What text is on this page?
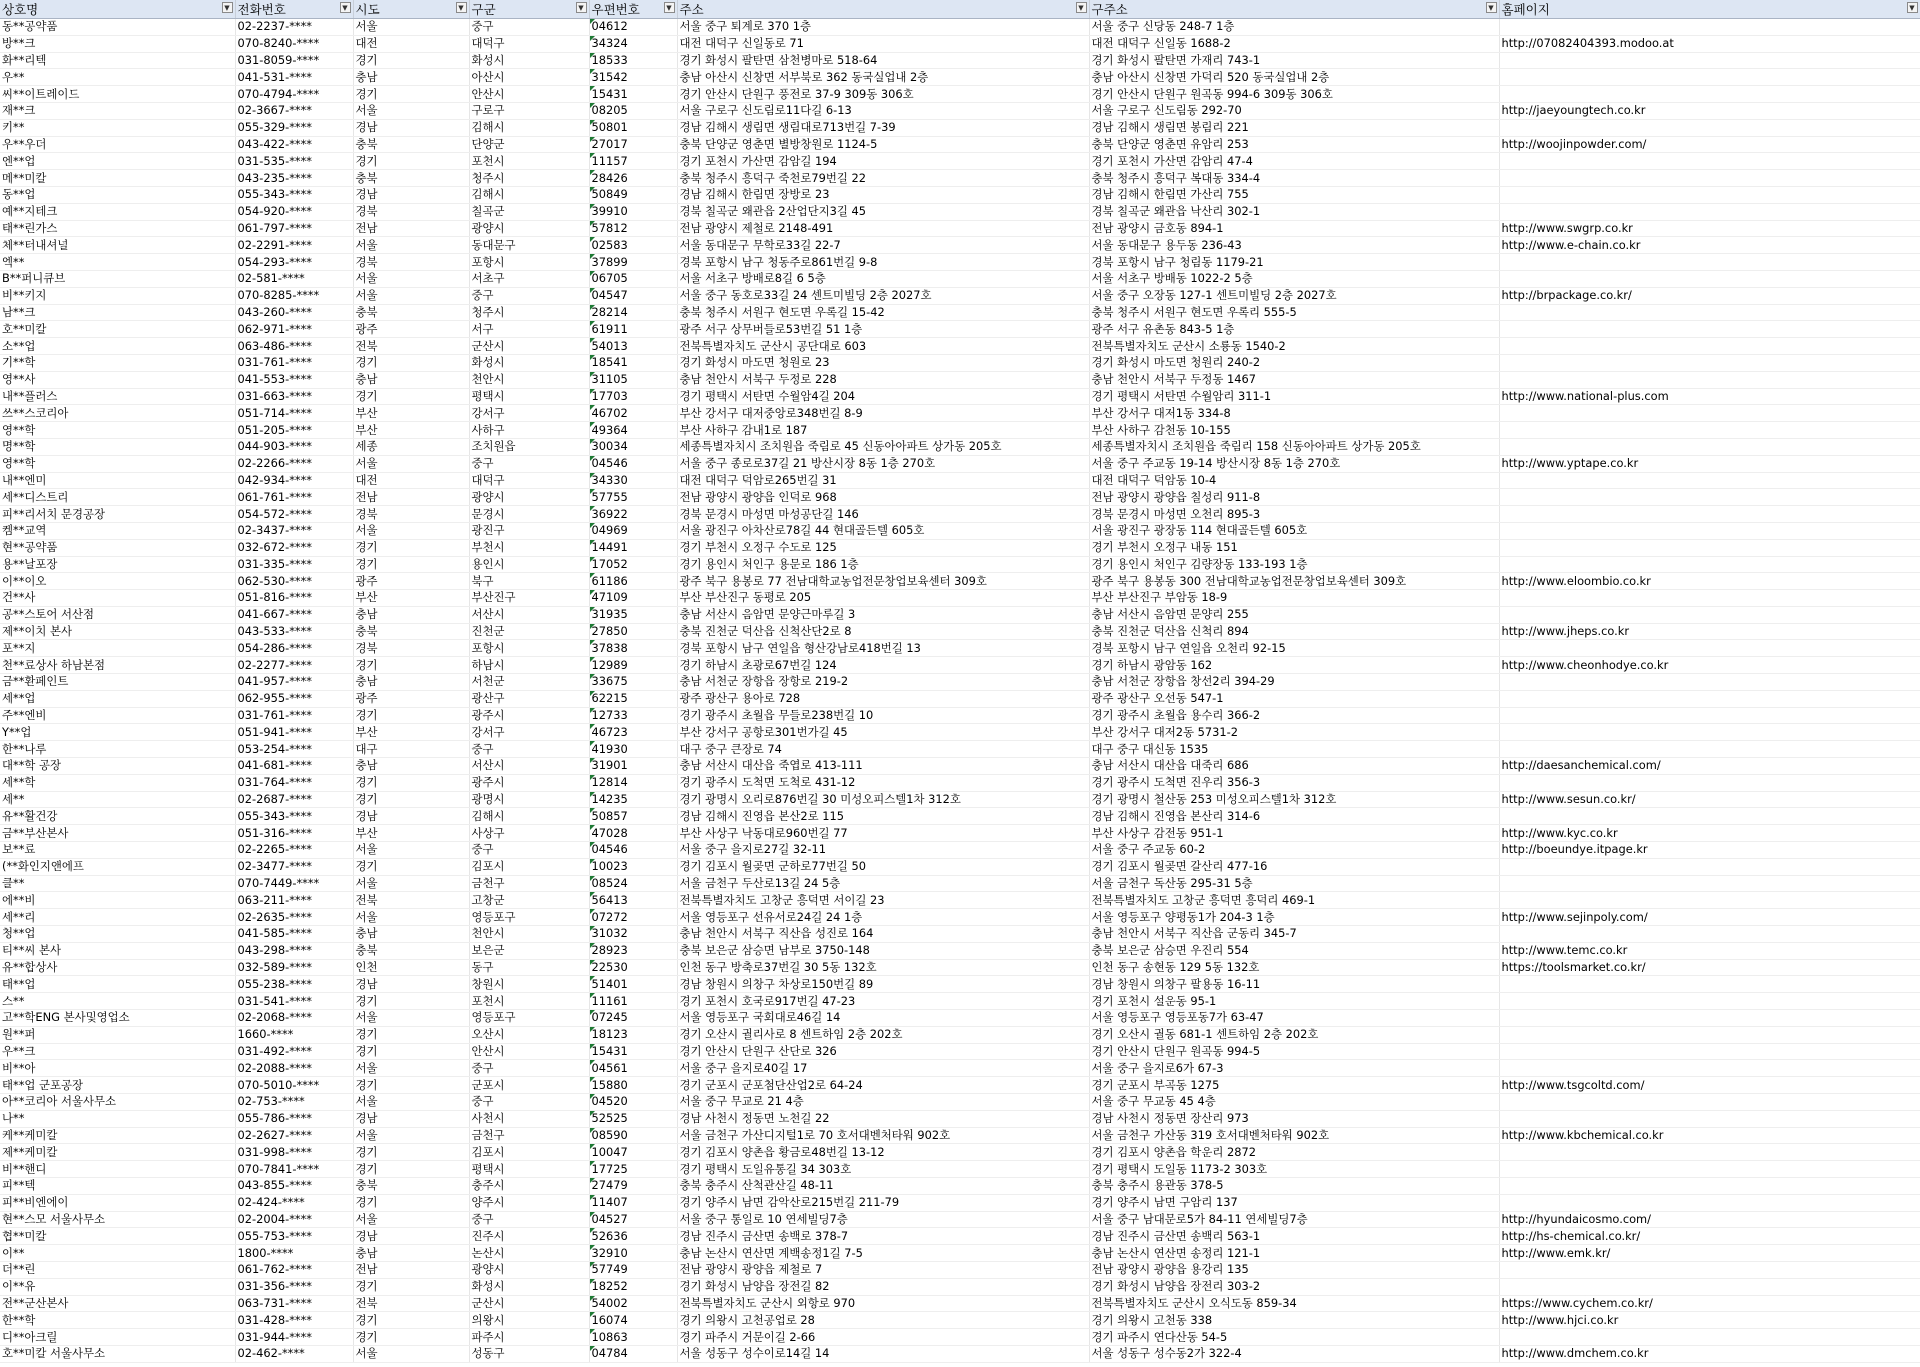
상호명 ▼	전화번호 ▼	시도 ▼	구군 ▼	우편번호 ▼	주소 ▼	구주소 ▼	홈페이지 ▼

동**공약품	02-2237-****	서울	중구	04612	서울 중구 퇴계로 370 1층	서울 중구 신당동 248-7 1층	
방**크	070-8240-****	대전	대덕구	34324	대전 대덕구 신일동로 71	대전 대덕구 신일동 1688-2	http://07082404393.modoo.at
화**리텍	031-8059-****	경기	화성시	18533	경기 화성시 팔탄면 삼천병마로 518-64	경기 화성시 팔탄면 가재리 743-1	
우**	041-531-****	충남	아산시	31542	충남 아산시 신창면 서부북로 362 동국실업내 2층	충남 아산시 신창면 가덕리 520 동국실업내 2층	
씨**이트레이드	070-4794-****	경기	안산시	15431	경기 안산시 단원구 풍전로 37-9 309동 306호	경기 안산시 단원구 원곡동 994-6 309동 306호	
재**크	02-3667-****	서울	구로구	08205	서울 구로구 신도림로11다길 6-13	서울 구로구 신도림동 292-70	http://jaeyoungtech.co.kr
키**	055-329-****	경남	김해시	50801	경남 김해시 생림면 생림대로713번길 7-39	경남 김해시 생림면 봉림리 221	
우**우더	043-422-****	충북	단양군	27017	충북 단양군 영춘면 별방창원로 1124-5	충북 단양군 영춘면 유암리 253	http://woojinpowder.com/
엔**업	031-535-****	경기	포천시	11157	경기 포천시 가산면 감암길 194	경기 포천시 가산면 감암리 47-4	
메**미칼	043-235-****	충북	청주시	28426	충북 청주시 흥덕구 죽천로79번길 22	충북 청주시 흥덕구 복대동 334-4	
동**업	055-343-****	경남	김해시	50849	경남 김해시 한림면 장방로 23	경남 김해시 한림면 가산리 755	
예**지테크	054-920-****	경북	칠곡군	39910	경북 칠곡군 왜관읍 2산업단지3길 45	경북 칠곡군 왜관읍 낙산리 302-1	
태**린가스	061-797-****	전남	광양시	57812	전남 광양시 제철로 2148-491	전남 광양시 금호동 894-1	http://www.swgrp.co.kr
체**터내셔널	02-2291-****	서울	동대문구	02583	서울 동대문구 무학로33길 22-7	서울 동대문구 용두동 236-43	http://www.e-chain.co.kr
엑**	054-293-****	경북	포항시	37899	경북 포항시 남구 청동주로861번길 9-8	경북 포항시 남구 청림동 1179-21	
B**퍼니큐브	02-581-****	서울	서초구	06705	서울 서초구 방배로8길 6 5층	서울 서초구 방배동 1022-2 5층	
비**키지	070-8285-****	서울	중구	04547	서울 중구 동호로33길 24 센트미빌딩 2층 2027호	서울 중구 오장동 127-1 센트미빌딩 2층 2027호	http://brpackage.co.kr/
남**크	043-260-****	충북	청주시	28214	충북 청주시 서원구 현도면 우록길 15-42	충북 청주시 서원구 현도면 우록리 555-5	
호**미칼	062-971-****	광주	서구	61911	광주 서구 상무버들로53번길 51 1층	광주 서구 유촌동 843-5 1층	
소**업	063-486-****	전북	군산시	54013	전북특별자치도 군산시 공단대로 603	전북특별자치도 군산시 소룡동 1540-2	
기**학	031-761-****	경기	화성시	18541	경기 화성시 마도면 청원로 23	경기 화성시 마도면 청원리 240-2	
영**사	041-553-****	충남	천안시	31105	충남 천안시 서북구 두정로 228	충남 천안시 서북구 두정동 1467	
내**플러스	031-663-****	경기	평택시	17703	경기 평택시 서탄면 수월암4길 204	경기 평택시 서탄면 수월암리 311-1	http://www.national-plus.com
쓰**스코리아	051-714-****	부산	강서구	46702	부산 강서구 대저중앙로348번길 8-9	부산 강서구 대저1동 334-8	
영**학	051-205-****	부산	사하구	49364	부산 사하구 감내1로 187	부산 사하구 감천동 10-155	
명**학	044-903-****	세종	조치원읍	30034	세종특별자치시 조치원읍 죽림로 45 신동아아파트 상가동 205호	세종특별자치시 조치원읍 죽림리 158 신동아아파트 상가동 205호	
영**학	02-2266-****	서울	중구	04546	서울 중구 종로로37길 21 방산시장 8동 1층 270호	서울 중구 주교동 19-14 방산시장 8동 1층 270호	http://www.yptape.co.kr
내**엔미	042-934-****	대전	대덕구	34330	대전 대덕구 덕암로265번길 31	대전 대덕구 덕암동 10-4	
세**디스트리	061-761-****	전남	광양시	57755	전남 광양시 광양읍 인덕로 968	전남 광양시 광양읍 칠성리 911-8	
피**리서치 문경공장	054-572-****	경북	문경시	36922	경북 문경시 마성면 마성공단길 146	경북 문경시 마성면 오천리 895-3	
켐**교역	02-3437-****	서울	광진구	04969	서울 광진구 아차산로78길 44 현대골든텔 605호	서울 광진구 광장동 114 현대골든텔 605호	
현**공약품	032-672-****	경기	부천시	14491	경기 부천시 오정구 수도로 125	경기 부천시 오정구 내동 151	
용**날포장	031-335-****	경기	용인시	17052	경기 용인시 처인구 용문로 186 1층	경기 용인시 처인구 김량장동 133-193 1층	
이**이오	062-530-****	광주	북구	61186	광주 북구 용봉로 77 전남대학교농업전문창업보육센터 309호	광주 북구 용봉동 300 전남대학교농업전문창업보육센터 309호	http://www.eloombio.co.kr
건**사	051-816-****	부산	부산진구	47109	부산 부산진구 동평로 205	부산 부산진구 부암동 18-9	
공**스토어 서산점	041-667-****	충남	서산시	31935	충남 서산시 음암면 문양근마루길 3	충남 서산시 음암면 문양리 255	
제**이치 본사	043-533-****	충북	진천군	27850	충북 진천군 덕산읍 신척산단2로 8	충북 진천군 덕산읍 신척리 894	http://www.jheps.co.kr
포**지	054-286-****	경북	포항시	37838	경북 포항시 남구 연일읍 형산강남로418번길 13	경북 포항시 남구 연일읍 오천리 92-15	
천**료상사 하남본점	02-2277-****	경기	하남시	12989	경기 하남시 초광로67번길 124	경기 하남시 광암동 162	http://www.cheonhodye.co.kr
금**환페인트	041-957-****	충남	서천군	33675	충남 서천군 장항읍 장항로 219-2	충남 서천군 장항읍 창선2리 394-29	
세**업	062-955-****	광주	광산구	62215	광주 광산구 용아로 728	광주 광산구 오선동 547-1	
주**엔비	031-761-****	경기	광주시	12733	경기 광주시 초월읍 무들로238번길 10	경기 광주시 초월읍 용수리 366-2	
Y**업	051-941-****	부산	강서구	46723	부산 강서구 공항로301번가길 45	부산 강서구 대저2동 5731-2	
한**나루	053-254-****	대구	중구	41930	대구 중구 큰장로 74	대구 중구 대신동 1535	
대**학 공장	041-681-****	충남	서산시	31901	충남 서산시 대산읍 죽엽로 413-111	충남 서산시 대산읍 대죽리 686	http://daesanchemical.com/
세**학	031-764-****	경기	광주시	12814	경기 광주시 도척면 도척로 431-12	경기 광주시 도척면 진우리 356-3	
세**	02-2687-****	경기	광명시	14235	경기 광명시 오리로876번길 30 미성오피스텔1차 312호	경기 광명시 철산동 253 미성오피스텔1차 312호	http://www.sesun.co.kr/
유**활건강	055-343-****	경남	김해시	50857	경남 김해시 진영읍 본산2로 115	경남 김해시 진영읍 본산리 314-6	
금**부산본사	051-316-****	부산	사상구	47028	부산 사상구 낙동대로960번길 77	부산 사상구 감전동 951-1	http://www.kyc.co.kr
보**료	02-2265-****	서울	중구	04546	서울 중구 을지로27길 32-11	서울 중구 주교동 60-2	http://boeundye.itpage.kr
(**화인지앤에프	02-3477-****	경기	김포시	10023	경기 김포시 월곶면 군하로77번길 50	경기 김포시 월곶면 갈산리 477-16	
클**	070-7449-****	서울	금천구	08524	서울 금천구 두산로13길 24 5층	서울 금천구 독산동 295-31 5층	
에**비	063-211-****	전북	고창군	56413	전북특별자치도 고창군 흥덕면 서이길 23	전북특별자치도 고창군 흥덕면 흥덕리 469-1	
세**리	02-2635-****	서울	영등포구	07272	서울 영등포구 선유서로24길 24 1층	서울 영등포구 양평동1가 204-3 1층	http://www.sejinpoly.com/
청**업	041-585-****	충남	천안시	31032	충남 천안시 서북구 직산읍 성진로 164	충남 천안시 서북구 직산읍 군동리 345-7	
티**씨 본사	043-298-****	충북	보은군	28923	충북 보은군 삼승면 남부로 3750-148	충북 보은군 삼승면 우진리 554	http://www.temc.co.kr
유**합상사	032-589-****	인천	동구	22530	인천 동구 방축로37번길 30 5동 132호	인천 동구 송현동 129 5동 132호	https://toolsmarket.co.kr/
태**업	055-238-****	경남	창원시	51401	경남 창원시 의창구 차상로150번길 89	경남 창원시 의창구 팔용동 16-11	
스**	031-541-****	경기	포천시	11161	경기 포천시 호국로917번길 47-23	경기 포천시 설운동 95-1	
고**학ENG 본사및영업소	02-2068-****	서울	영등포구	07245	서울 영등포구 국회대로46길 14	서울 영등포구 영등포동7가 63-47	
원**퍼	1660-****	경기	오산시	18123	경기 오산시 궐리사로 8 센트하임 2층 202호	경기 오산시 궐동 681-1 센트하임 2층 202호	
우**크	031-492-****	경기	안산시	15431	경기 안산시 단원구 산단로 326	경기 안산시 단원구 원곡동 994-5	
비**아	02-2088-****	서울	중구	04561	서울 중구 을지로40길 17	서울 중구 을지로6가 67-3	
태**업 군포공장	070-5010-****	경기	군포시	15880	경기 군포시 군포첨단산업2로 64-24	경기 군포시 부곡동 1275	http://www.tsgcoltd.com/
아**코리아 서울사무소	02-753-****	서울	중구	04520	서울 중구 무교로 21 4층	서울 중구 무교동 45 4층	
나**	055-786-****	경남	사천시	52525	경남 사천시 정동면 노천길 22	경남 사천시 정동면 장산리 973	
케**케미칼	02-2627-****	서울	금천구	08590	서울 금천구 가산디지털1로 70 호서대벤처타워 902호	서울 금천구 가산동 319 호서대벤처타워 902호	http://www.kbchemical.co.kr
제**케미칼	031-998-****	경기	김포시	10047	경기 김포시 양촌읍 황금로48번길 13-12	경기 김포시 양촌읍 학운리 2872	
비**핸디	070-7841-****	경기	평택시	17725	경기 평택시 도일유통길 34 303호	경기 평택시 도일동 1173-2 303호	
피**텍	043-855-****	충북	충주시	27479	충북 충주시 산척관산길 48-11	충북 충주시 용관동 378-5	
피**비엔에이	02-424-****	경기	양주시	11407	경기 양주시 남면 감악산로215번길 211-79	경기 양주시 남면 구암리 137	
현**스모 서울사무소	02-2004-****	서울	중구	04527	서울 중구 통일로 10 연세빌딩7층	서울 중구 남대문로5가 84-11 연세빌딩7층	http://hyundaicosmo.com/
협**미칼	055-753-****	경남	진주시	52636	경남 진주시 금산면 송백로 378-7	경남 진주시 금산면 송백리 563-1	http://hs-chemical.co.kr/
이**	1800-****	충남	논산시	32910	충남 논산시 연산면 계백송정1길 7-5	충남 논산시 연산면 송정리 121-1	http://www.emk.kr/
더**린	061-762-****	전남	광양시	57749	전남 광양시 광양읍 제철로 7	전남 광양시 광양읍 용강리 135	
이**유	031-356-****	경기	화성시	18252	경기 화성시 남양읍 장전길 82	경기 화성시 남양읍 장전리 303-2	
전**군산본사	063-731-****	전북	군산시	54002	전북특별자치도 군산시 외항로 970	전북특별자치도 군산시 오식도동 859-34	https://www.cychem.co.kr/
한**학	031-428-****	경기	의왕시	16074	경기 의왕시 고천공업로 28	경기 의왕시 고천동 338	http://www.hjci.co.kr
디**아크릴	031-944-****	경기	파주시	10863	경기 파주시 거문이길 2-66	경기 파주시 연다산동 54-5	
호**미칼 서울사무소	02-462-****	서울	성동구	04784	서울 성동구 성수이로14길 14	서울 성동구 성수동2가 322-4	http://www.dmchem.co.kr
